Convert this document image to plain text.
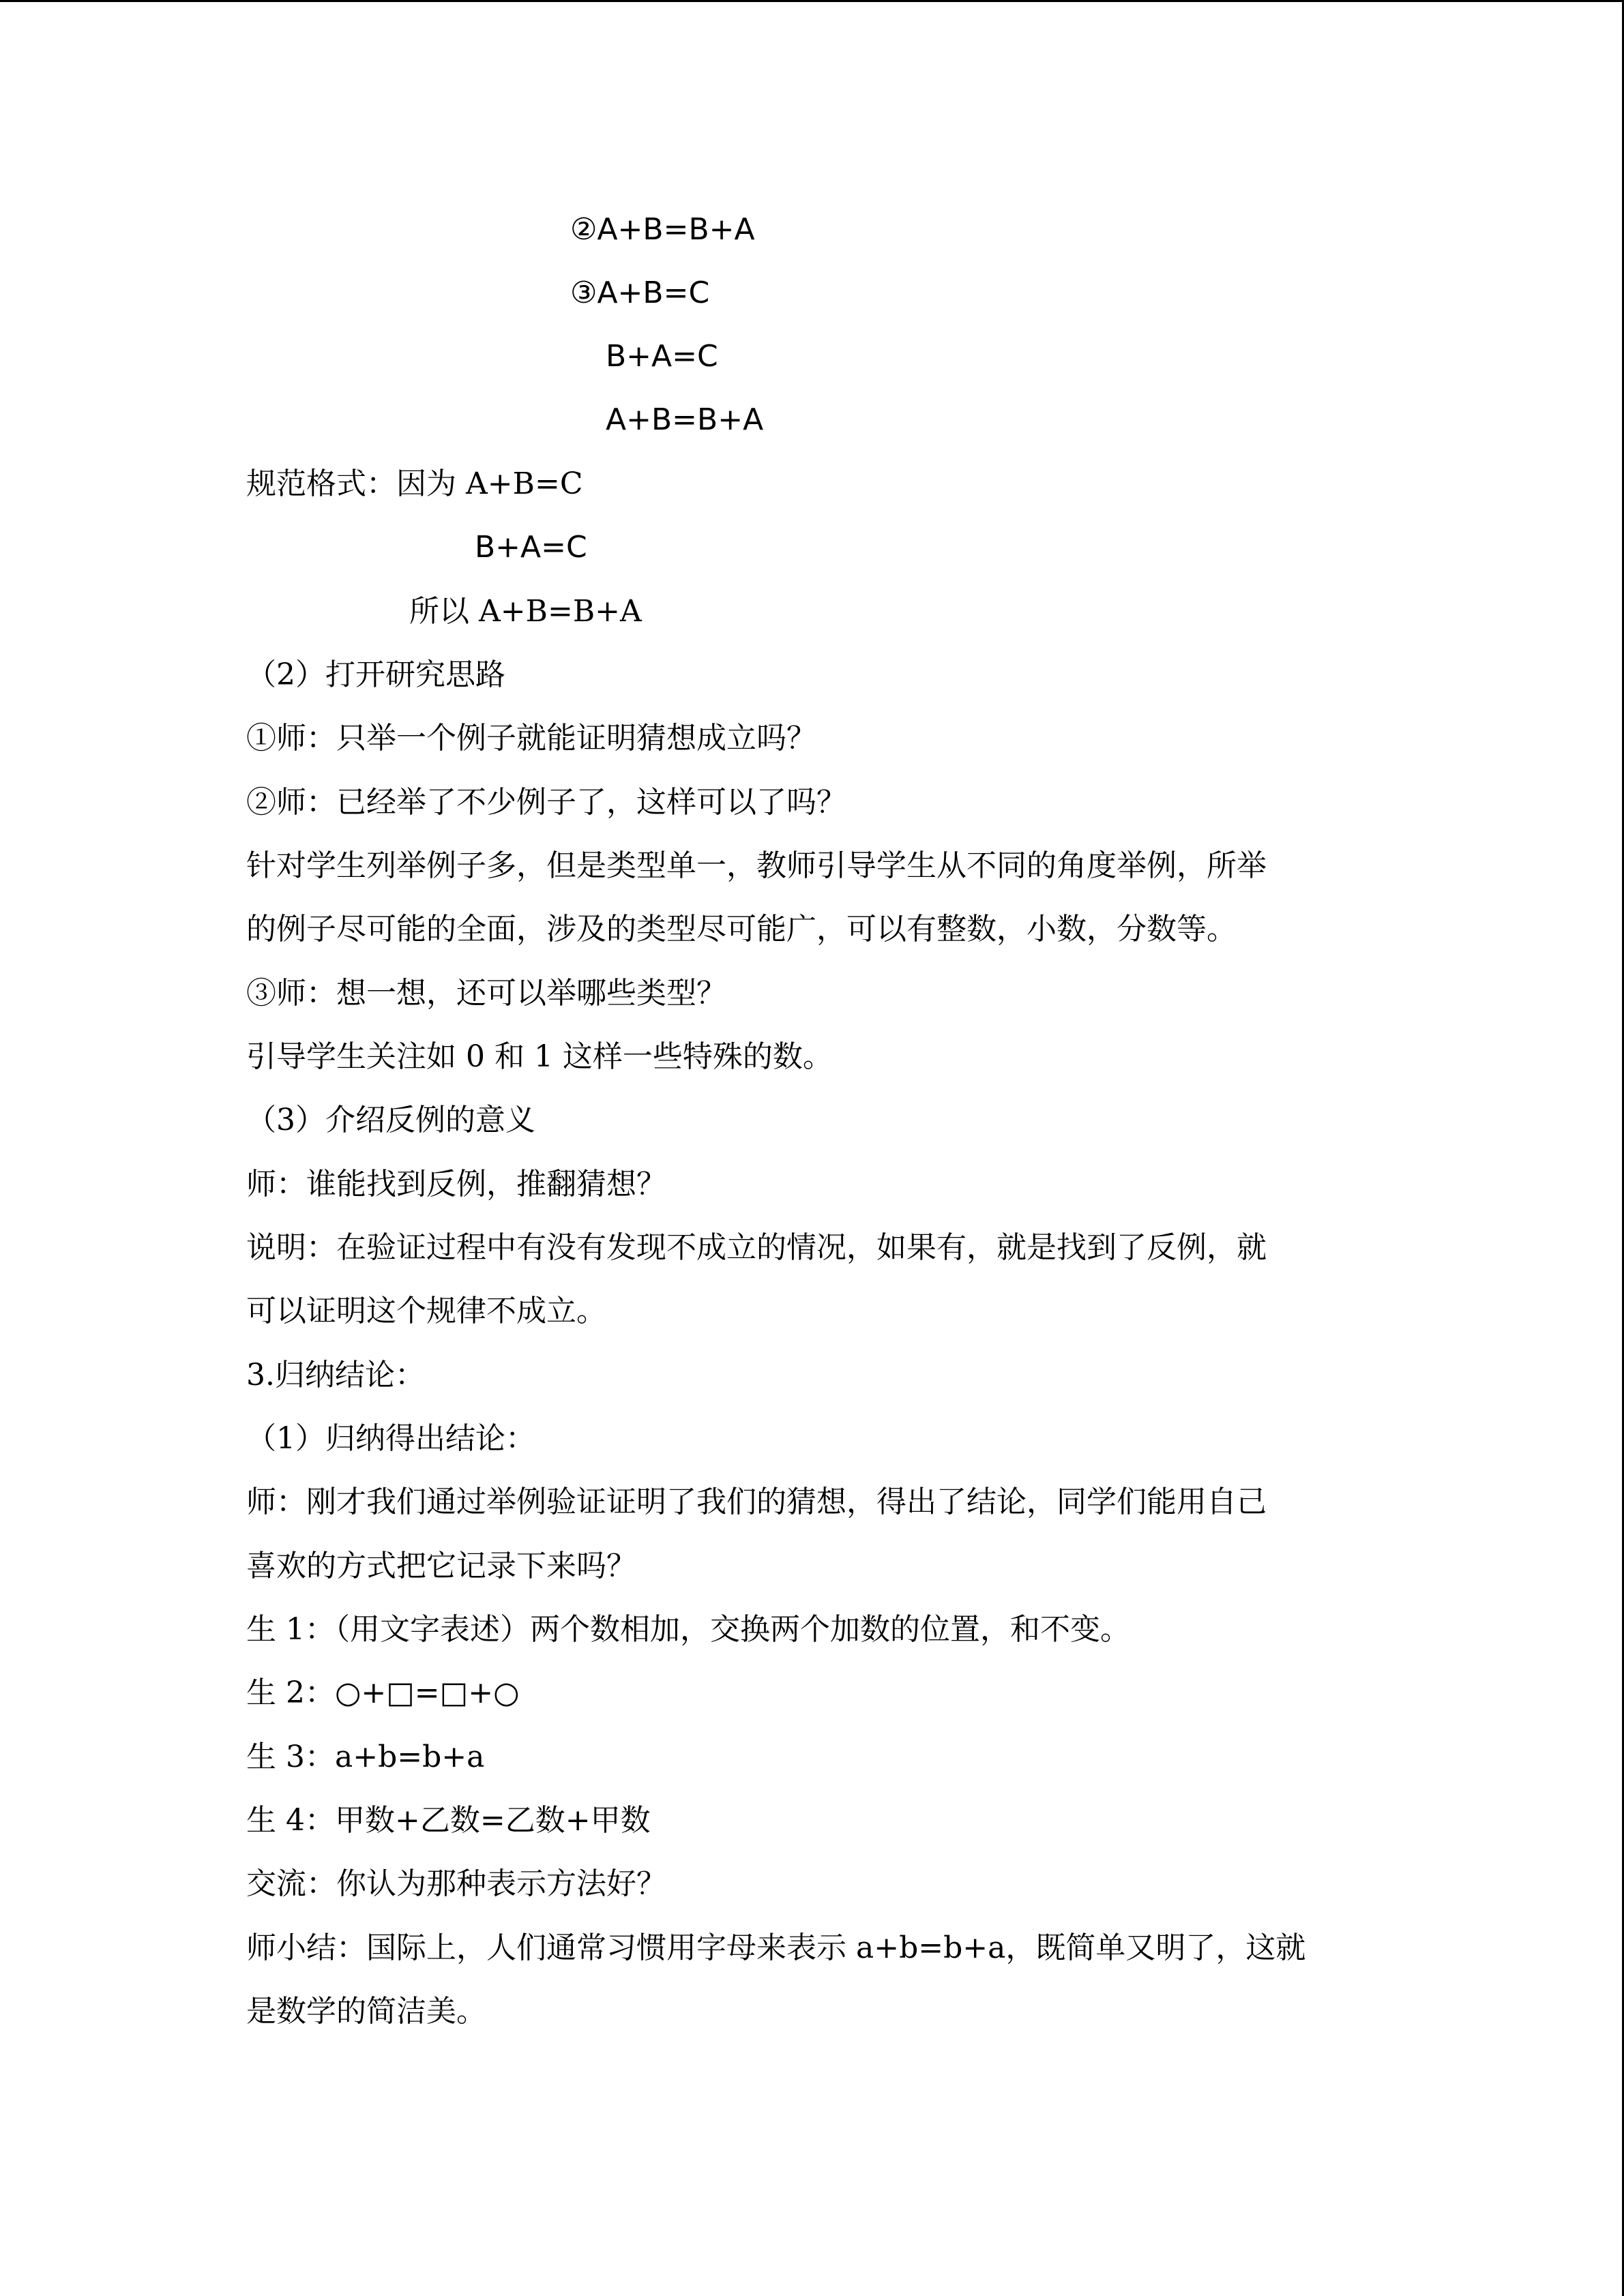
②A+B=B+A
③A+B=C
B+A=C
A+B=B+A
规范格式：因为 A+B=C
B+A=C
所以 A+B=B+A
（2）打开研究思路
①师：只举一个例子就能证明猜想成立吗？
②师：已经举了不少例子了，这样可以了吗？
针对学生列举例子多，但是类型单一，教师引导学生从不同的角度举例，所举
的例子尽可能的全面，涉及的类型尽可能广，可以有整数，小数，分数等。
③师：想一想，还可以举哪些类型？
引导学生关注如 0 和 1 这样一些特殊的数。
（3）介绍反例的意义
师：谁能找到反例，推翻猜想？
说明：在验证过程中有没有发现不成立的情况，如果有，就是找到了反例，就
可以证明这个规律不成立。
3.归纳结论：
（1）归纳得出结论：
师：刚才我们通过举例验证证明了我们的猜想，得出了结论，同学们能用自己
喜欢的方式把它记录下来吗？
生 1：（用文字表述）两个数相加，交换两个加数的位置，和不变。
生 2：○+□=□+○
生 3：a+b=b+a
生 4：甲数+乙数=乙数+甲数
交流：你认为那种表示方法好？
师小结：国际上，人们通常习惯用字母来表示 a+b=b+a，既简单又明了，这就
是数学的简洁美。
